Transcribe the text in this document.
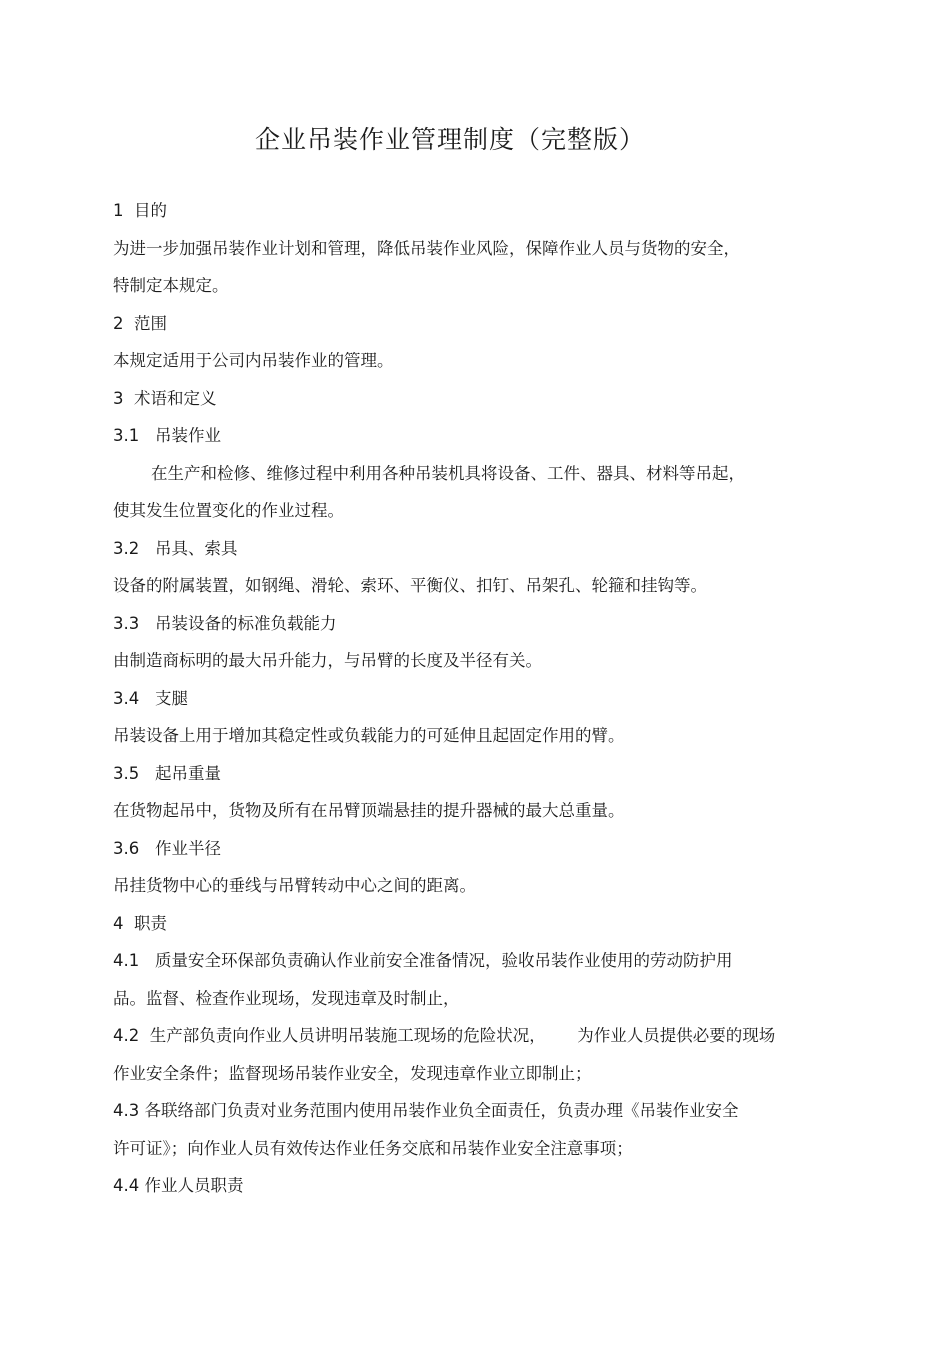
企业吊装作业管理制度（完整版）
1  目的
为进一步加强吊装作业计划和管理，降低吊装作业风险，保障作业人员与货物的安全，
特制定本规定。
2  范围
本规定适用于公司内吊装作业的管理。
3  术语和定义
3.1   吊装作业
在生产和检修、维修过程中利用各种吊装机具将设备、工件、器具、材料等吊起，
使其发生位置变化的作业过程。
3.2   吊具、索具
设备的附属装置，如钢绳、滑轮、索环、平衡仪、扣钉、吊架孔、轮箍和挂钩等。
3.3   吊装设备的标准负载能力
由制造商标明的最大吊升能力，与吊臂的长度及半径有关。
3.4   支腿
吊装设备上用于增加其稳定性或负载能力的可延伸且起固定作用的臂。
3.5   起吊重量
在货物起吊中，货物及所有在吊臂顶端悬挂的提升器械的最大总重量。
3.6   作业半径
吊挂货物中心的垂线与吊臂转动中心之间的距离。
4  职责
4.1   质量安全环保部负责确认作业前安全准备情况，验收吊装作业使用的劳动防护用
品。监督、检查作业现场，发现违章及时制止，
4.2  生产部负责向作业人员讲明吊装施工现场的危险状况，      为作业人员提供必要的现场
作业安全条件；监督现场吊装作业安全，发现违章作业立即制止；
4.3 各联络部门负责对业务范围内使用吊装作业负全面责任，负责办理《吊装作业安全
许可证》；向作业人员有效传达作业任务交底和吊装作业安全注意事项；
4.4 作业人员职责
